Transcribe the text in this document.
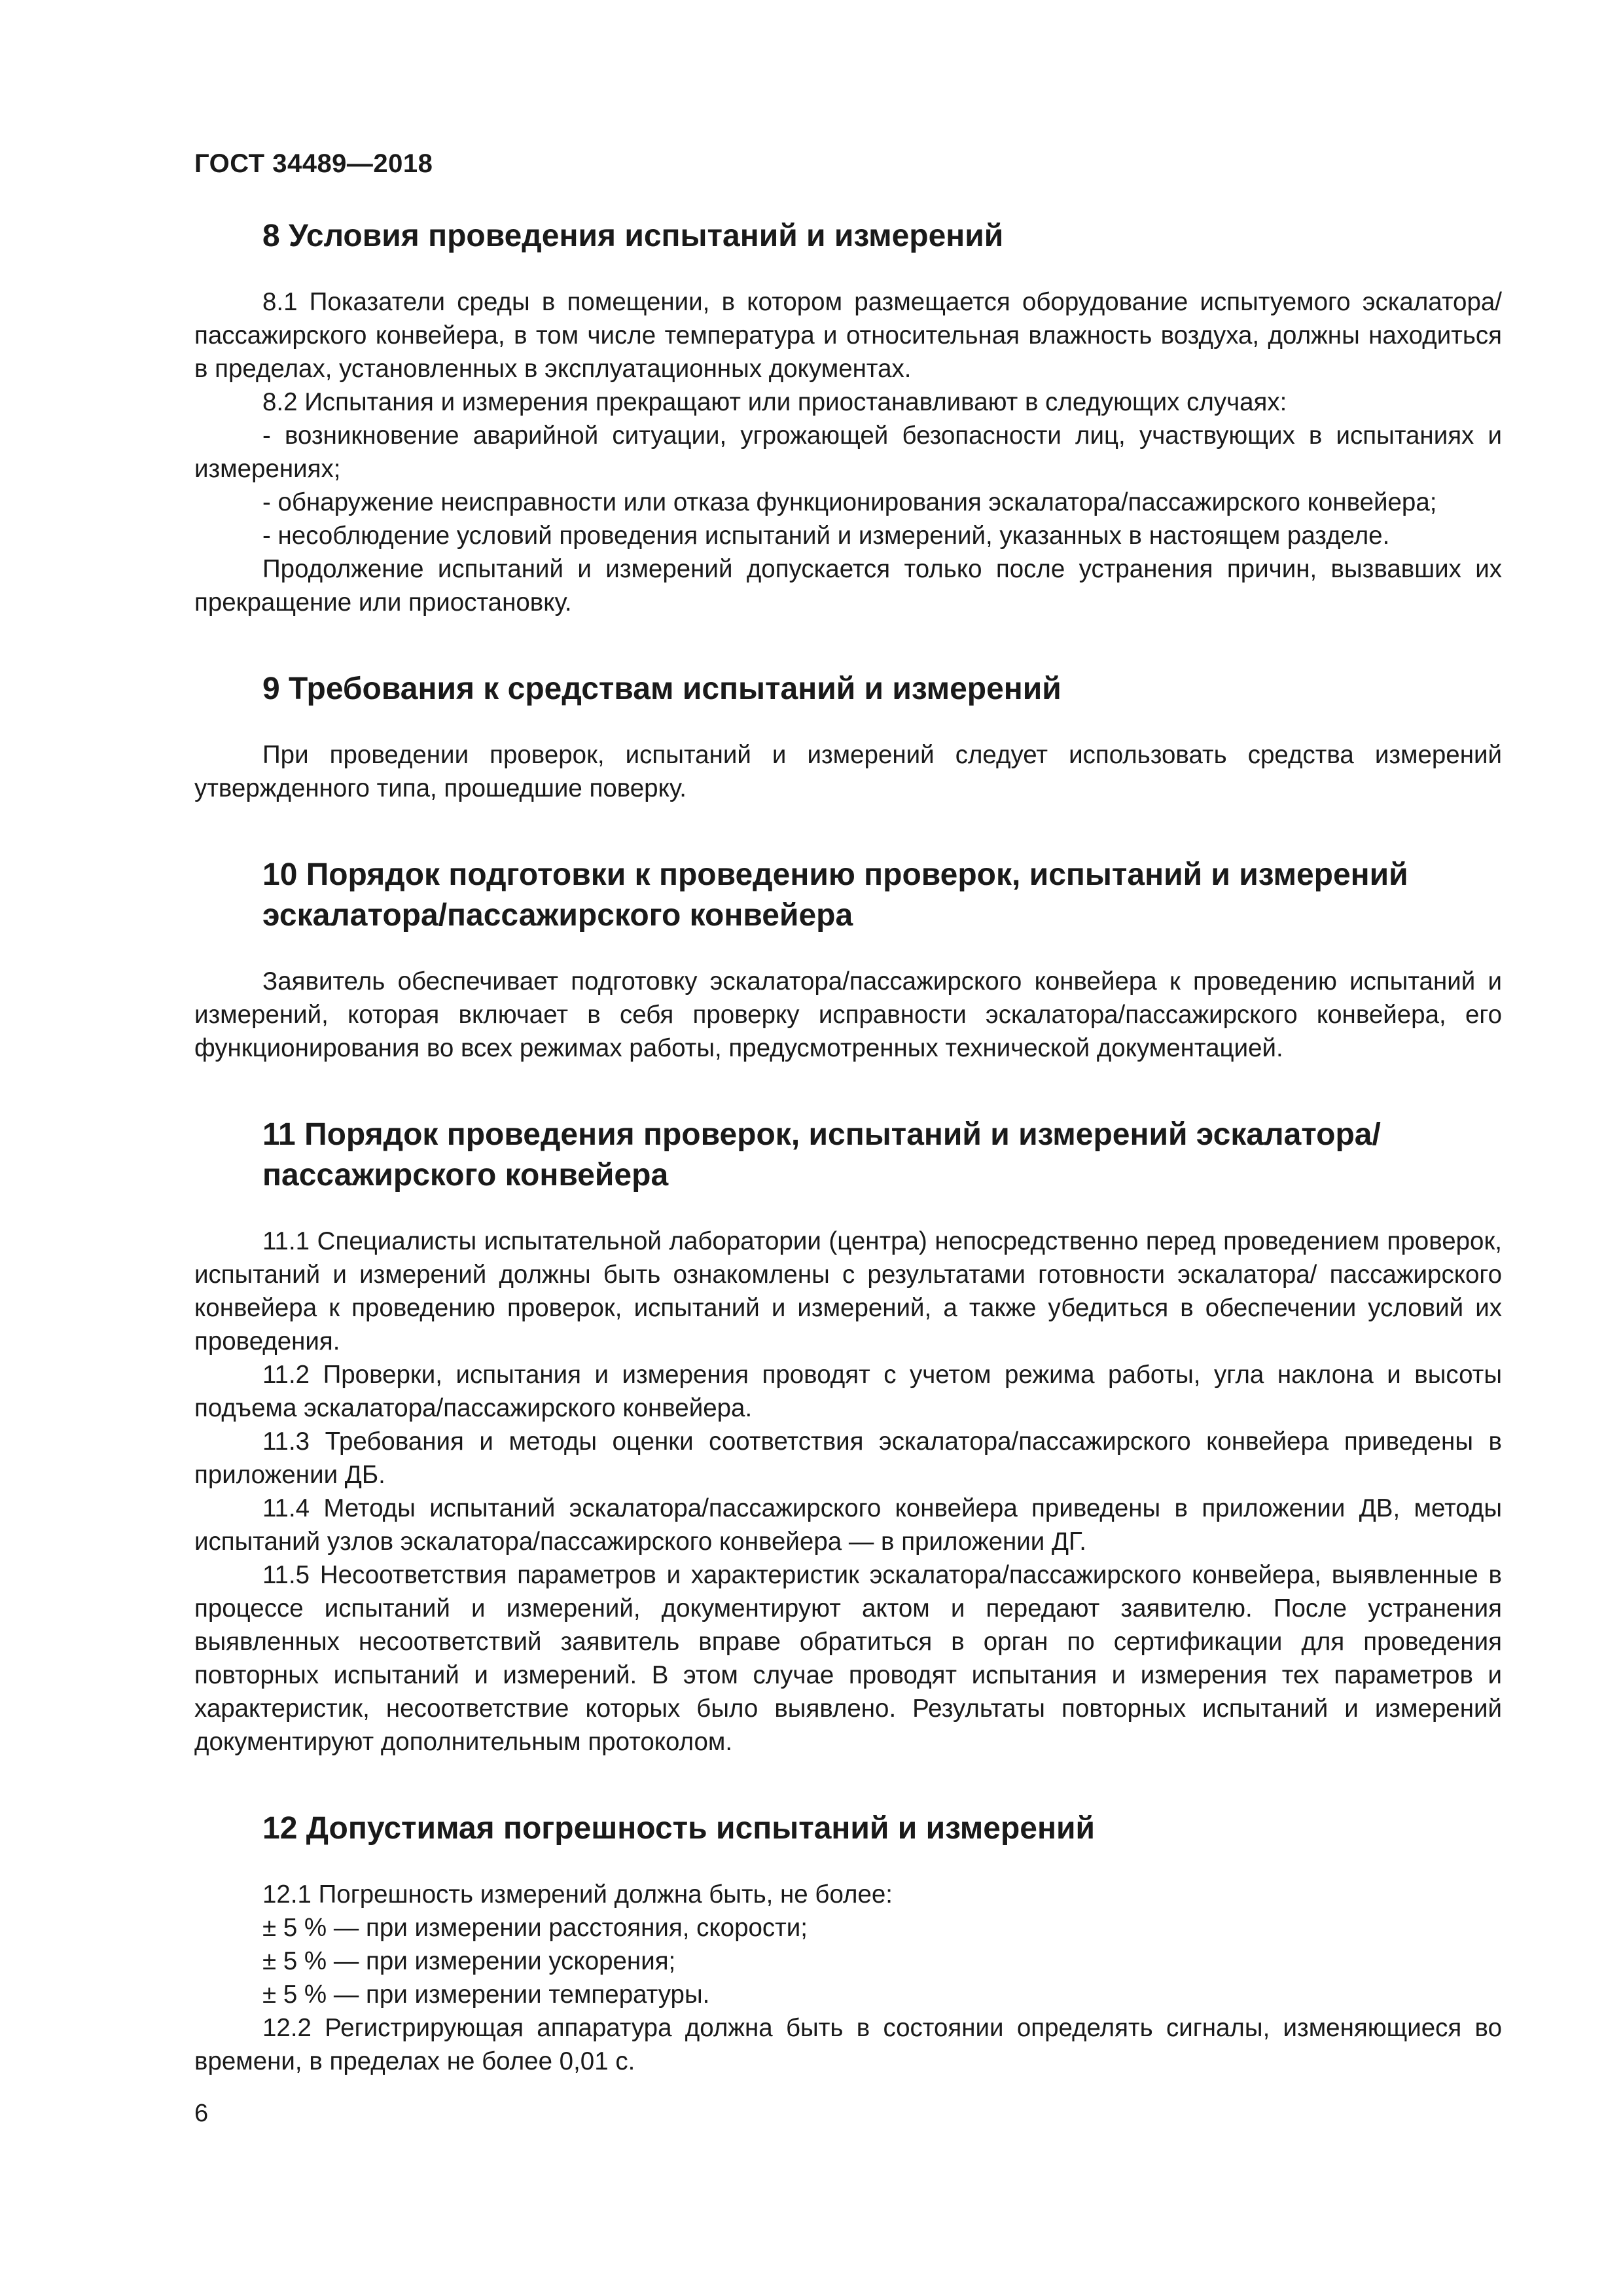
ГОСТ 34489—2018
8 Условия проведения испытаний и измерений

8.1 Показатели среды в помещении, в котором размещается оборудование испытуемого эскалатора/пассажирского конвейера, в том числе температура и относительная влажность воздуха, должны находиться в пределах, установленных в эксплуатационных документах.

8.2 Испытания и измерения прекращают или приостанавливают в следующих случаях:

- возникновение аварийной ситуации, угрожающей безопасности лиц, участвующих в испытаниях и измерениях;

- обнаружение неисправности или отказа функционирования эскалатора/пассажирского конвейера;

- несоблюдение условий проведения испытаний и измерений, указанных в настоящем разделе.

Продолжение испытаний и измерений допускается только после устранения причин, вызвавших их прекращение или приостановку.

9 Требования к средствам испытаний и измерений

При проведении проверок, испытаний и измерений следует использовать средства измерений утвержденного типа, прошедшие поверку.

10 Порядок подготовки к проведению проверок, испытаний и измерений эскалатора/пассажирского конвейера

Заявитель обеспечивает подготовку эскалатора/пассажирского конвейера к проведению испытаний и измерений, которая включает в себя проверку исправности эскалатора/пассажирского конвейера, его функционирования во всех режимах работы, предусмотренных технической документацией.

11 Порядок проведения проверок, испытаний и измерений эскалатора/ пассажирского конвейера

11.1 Специалисты испытательной лаборатории (центра) непосредственно перед проведением проверок, испытаний и измерений должны быть ознакомлены с результатами готовности эскалатора/ пассажирского конвейера к проведению проверок, испытаний и измерений, а также убедиться в обеспечении условий их проведения.

11.2 Проверки, испытания и измерения проводят с учетом режима работы, угла наклона и высоты подъема эскалатора/пассажирского конвейера.

11.3 Требования и методы оценки соответствия эскалатора/пассажирского конвейера приведены в приложении ДБ.

11.4 Методы испытаний эскалатора/пассажирского конвейера приведены в приложении ДВ, методы испытаний узлов эскалатора/пассажирского конвейера — в приложении ДГ.

11.5 Несоответствия параметров и характеристик эскалатора/пассажирского конвейера, выявленные в процессе испытаний и измерений, документируют актом и передают заявителю. После устранения выявленных несоответствий заявитель вправе обратиться в орган по сертификации для проведения повторных испытаний и измерений. В этом случае проводят испытания и измерения тех параметров и характеристик, несоответствие которых было выявлено. Результаты повторных испытаний и измерений документируют дополнительным протоколом.

12 Допустимая погрешность испытаний и измерений

12.1 Погрешность измерений должна быть, не более:

± 5 % — при измерении расстояния, скорости;

± 5 % — при измерении ускорения;

± 5 % — при измерении температуры.

12.2 Регистрирующая аппаратура должна быть в состоянии определять сигналы, изменяющиеся во времени, в пределах не более 0,01 с.

6
